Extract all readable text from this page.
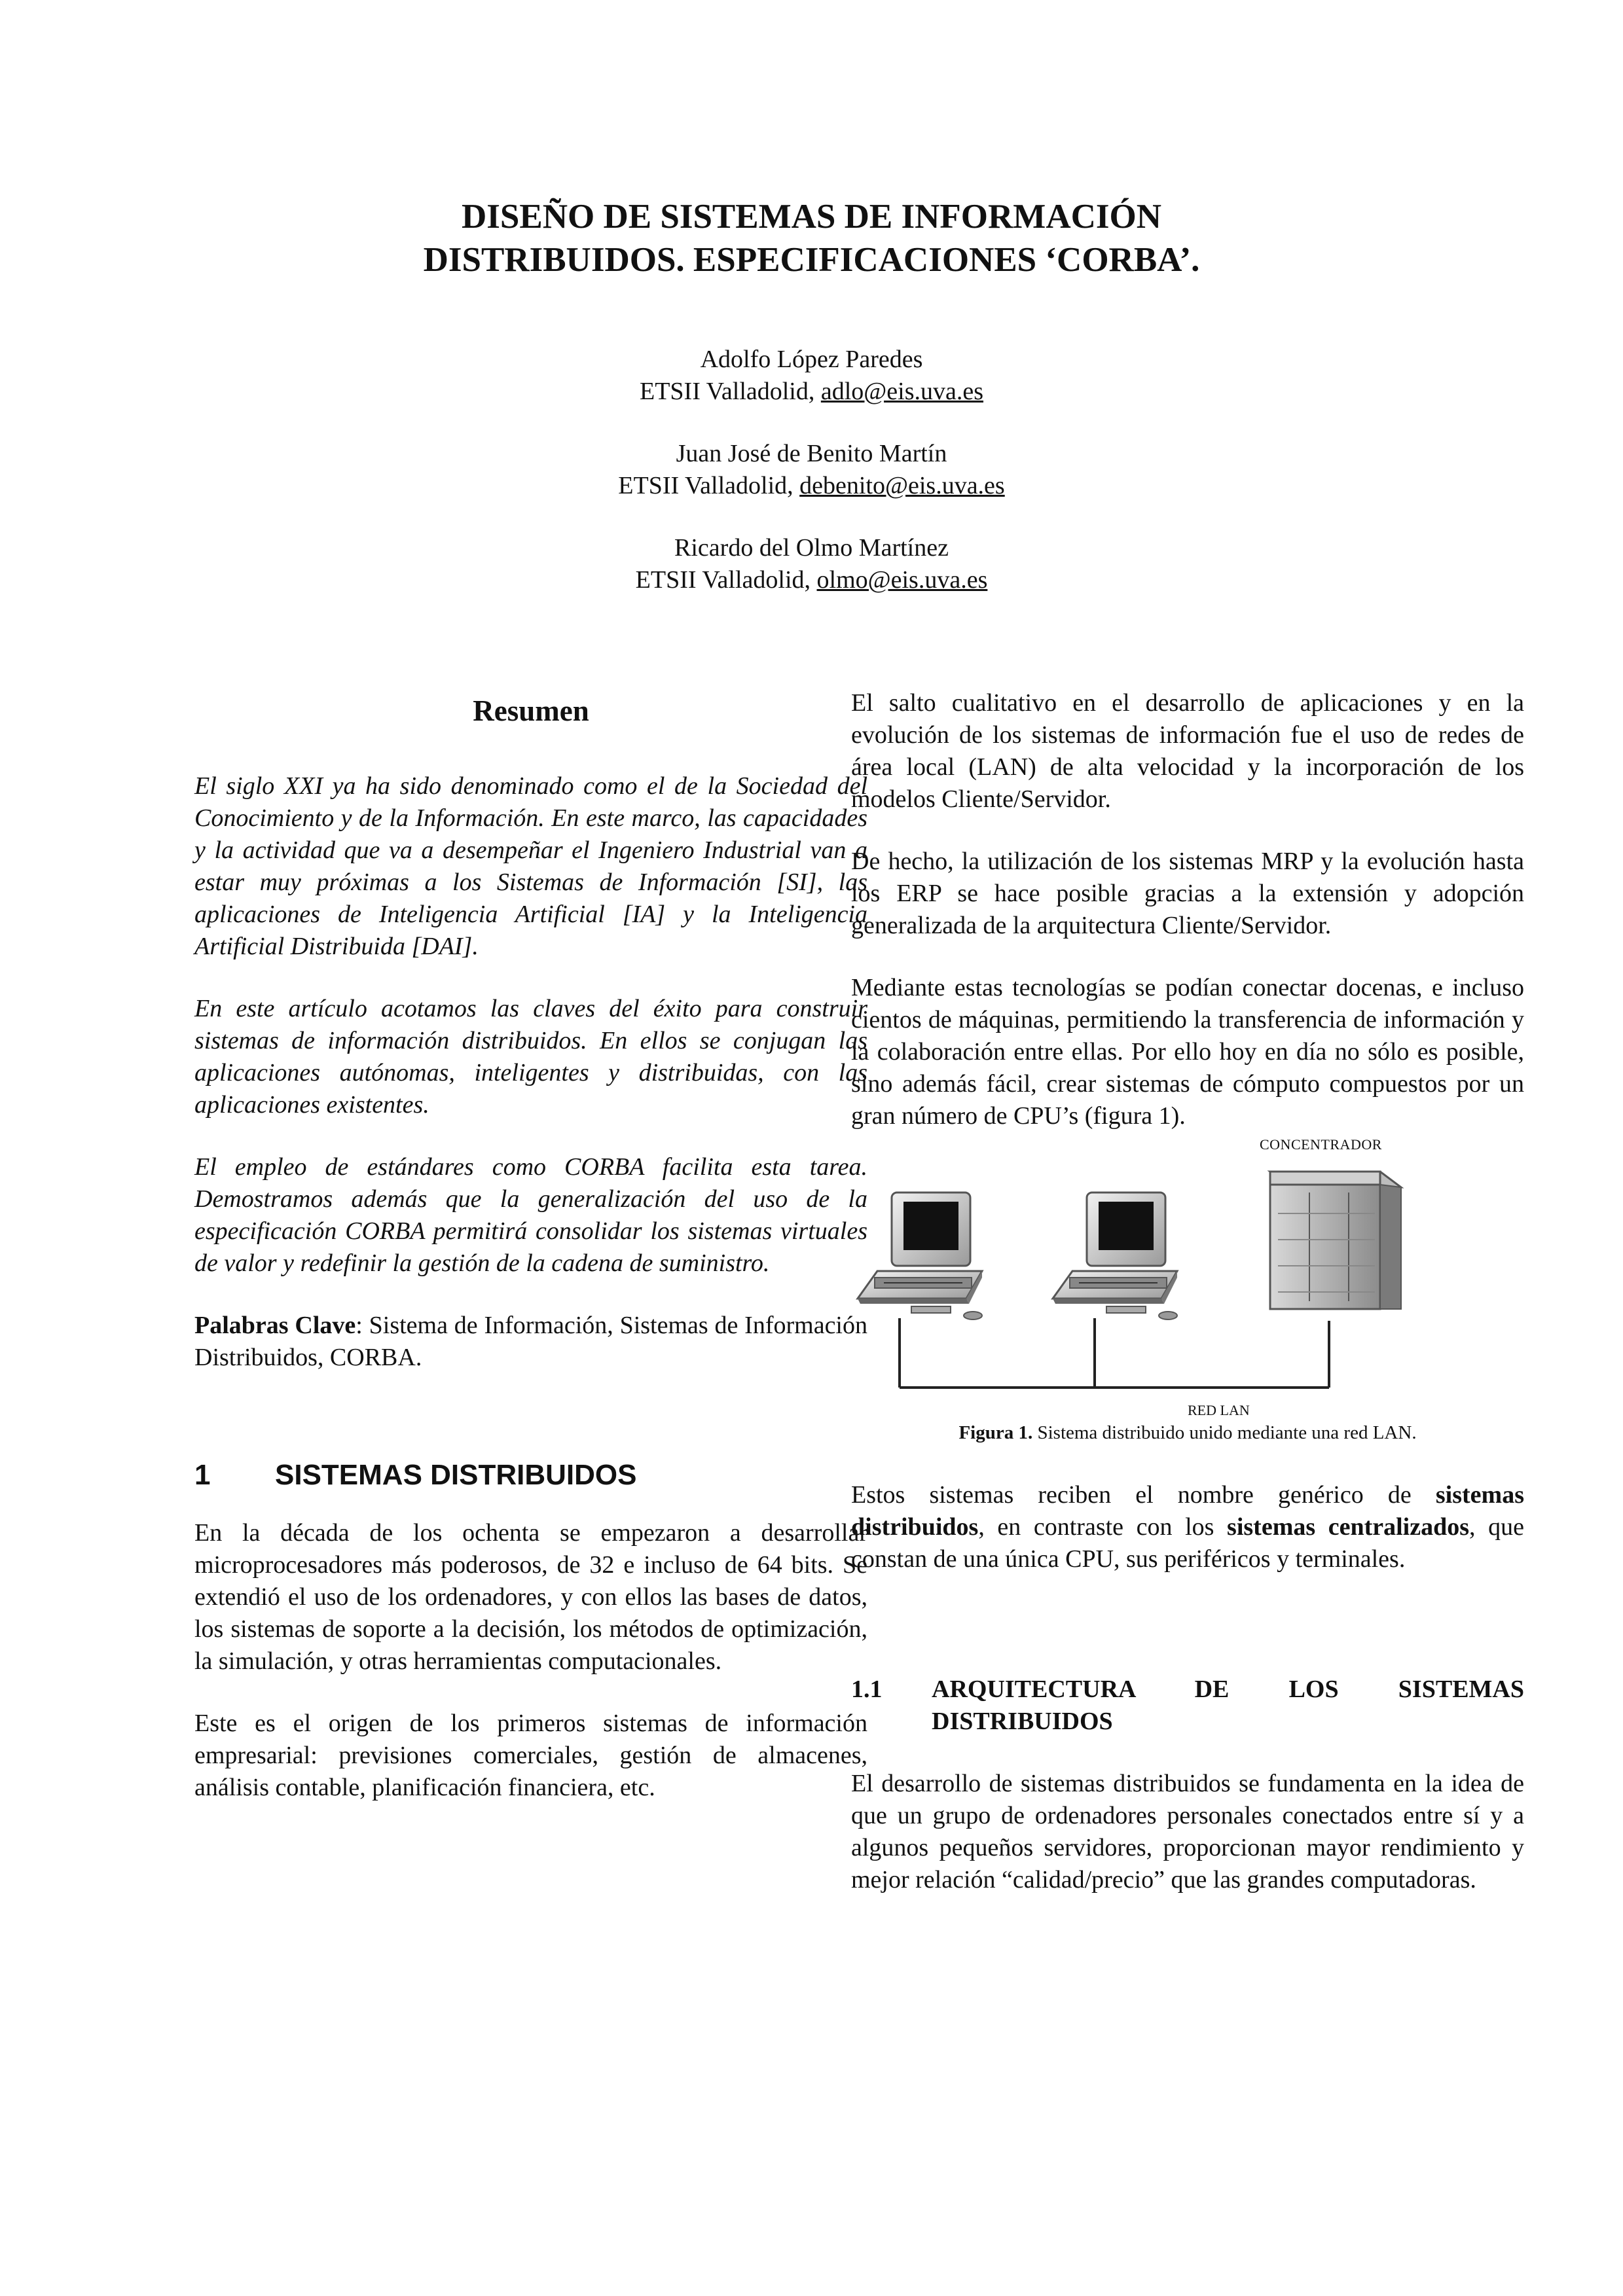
DISEÑO DE SISTEMAS DE INFORMACIÓN
DISTRIBUIDOS. ESPECIFICACIONES ‘CORBA’.
Adolfo López Paredes
ETSII Valladolid, adlo@eis.uva.es
Juan José de Benito Martín
ETSII Valladolid, debenito@eis.uva.es
Ricardo del Olmo Martínez
ETSII Valladolid, olmo@eis.uva.es
Resumen

El siglo XXI ya ha sido denominado como el de la Sociedad del Conocimiento y de la Información. En este marco, las capacidades y la actividad que va a desempeñar el Ingeniero Industrial van a estar muy próximas a los Sistemas de Información [SI], las aplicaciones de Inteligencia Artificial [IA] y la Inteligencia Artificial Distribuida [DAI].

En este artículo acotamos las claves del éxito para construir sistemas de información distribuidos. En ellos se conjugan las aplicaciones autónomas, inteligentes y distribuidas, con las aplicaciones existentes.

El empleo de estándares como CORBA facilita esta tarea. Demostramos además que la generalización del uso de la especificación CORBA permitirá consolidar los sistemas virtuales de valor y redefinir la gestión de la cadena de suministro.

Palabras Clave: Sistema de Información, Sistemas de Información Distribuidos, CORBA.

1	SISTEMAS DISTRIBUIDOS

En la década de los ochenta se empezaron a desarrollar microprocesadores más poderosos, de 32 e incluso de 64 bits. Se extendió el uso de los ordenadores, y con ellos las bases de datos, los sistemas de soporte a la decisión, los métodos de optimización, la simulación, y otras herramientas computacionales.

Este es el origen de los primeros sistemas de información empresarial: previsiones comerciales, gestión de almacenes, análisis contable, planificación financiera, etc.

El salto cualitativo en el desarrollo de aplicaciones y en la evolución de los sistemas de información fue el uso de redes de área local (LAN) de alta velocidad y la incorporación de los modelos Cliente/Servidor.

De hecho, la utilización de los sistemas MRP y la evolución hasta los ERP se hace posible gracias a la extensión y adopción generalizada de la arquitectura Cliente/Servidor.

Mediante estas tecnologías se podían conectar docenas, e incluso cientos de máquinas, permitiendo la transferencia de información y la colaboración entre ellas. Por ello hoy en día no sólo es posible, sino además fácil, crear sistemas de cómputo compuestos por un gran número de CPU’s (figura 1).

CONCENTRADOR
RED LAN
Figura 1. Sistema distribuido unido mediante una red LAN.

Estos sistemas reciben el nombre genérico de sistemas distribuidos, en contraste con los sistemas centralizados, que constan de una única CPU, sus periféricos y terminales.

1.1	ARQUITECTURA DE LOS SISTEMAS DISTRIBUIDOS

El desarrollo de sistemas distribuidos se fundamenta en la idea de que un grupo de ordenadores personales conectados entre sí y a algunos pequeños servidores, proporcionan mayor rendimiento y mejor relación “calidad/precio” que las grandes computadoras.
